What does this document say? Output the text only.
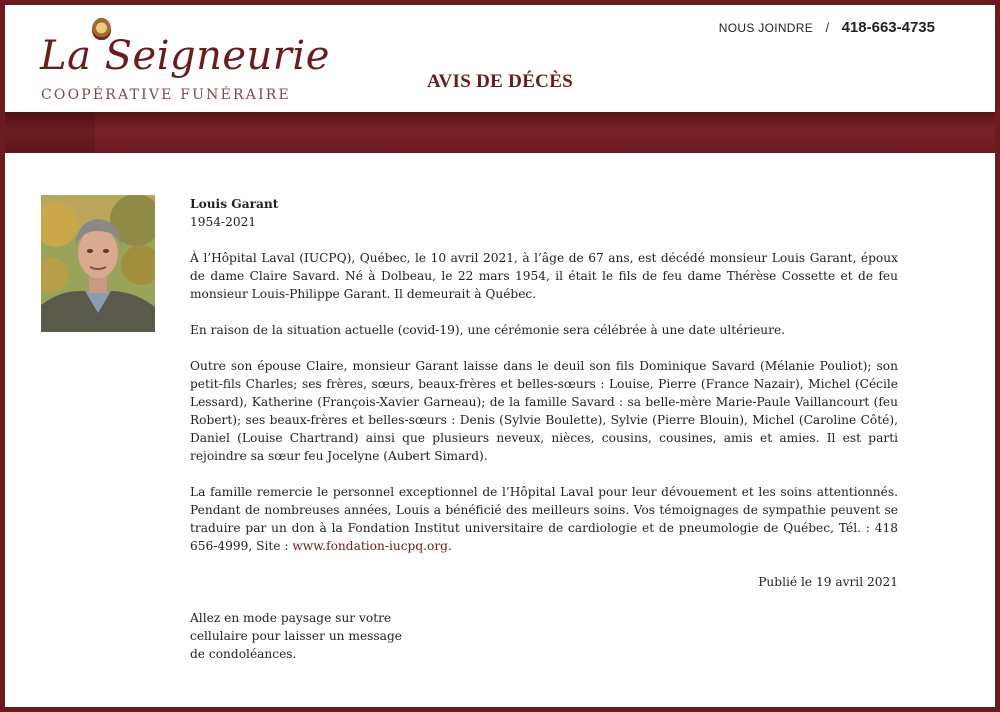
La Seigneurie
COOPÉRATIVE FUNÉRAIRE
NOUS JOINDRE / 418-663-4735
AVIS DE DÉCÈS

Louis Garant

1954-2021

À l’Hôpital Laval (IUCPQ), Québec, le 10 avril 2021, à l’âge de 67 ans, est décédé monsieur Louis Garant, époux de dame Claire Savard. Né à Dolbeau, le 22 mars 1954, il était le fils de feu dame Thérèse Cossette et de feu monsieur Louis-Philippe Garant. Il demeurait à Québec.

En raison de la situation actuelle (covid-19), une cérémonie sera célébrée à une date ultérieure.

Outre son épouse Claire, monsieur Garant laisse dans le deuil son fils Dominique Savard (Mélanie Pouliot); son petit-fils Charles; ses frères, sœurs, beaux-frères et belles-sœurs : Louise, Pierre (France Nazair), Michel (Cécile Lessard), Katherine (François-Xavier Garneau); de la famille Savard : sa belle-mère Marie-Paule Vaillancourt (feu Robert); ses beaux-frères et belles-sœurs : Denis (Sylvie Boulette), Sylvie (Pierre Blouin), Michel (Caroline Côté), Daniel (Louise Chartrand) ainsi que plusieurs neveux, nièces, cousins, cousines, amis et amies. Il est parti rejoindre sa sœur feu Jocelyne (Aubert Simard).

La famille remercie le personnel exceptionnel de l’Hôpital Laval pour leur dévouement et les soins attentionnés. Pendant de nombreuses années, Louis a bénéficié des meilleurs soins. Vos témoignages de sympathie peuvent se traduire par un don à la Fondation Institut universitaire de cardiologie et de pneumologie de Québec, Tél. : 418 656-4999, Site : www.fondation-iucpq.org.

Publié le 19 avril 2021

Allez en mode paysage sur votre
cellulaire pour laisser un message
de condoléances.
